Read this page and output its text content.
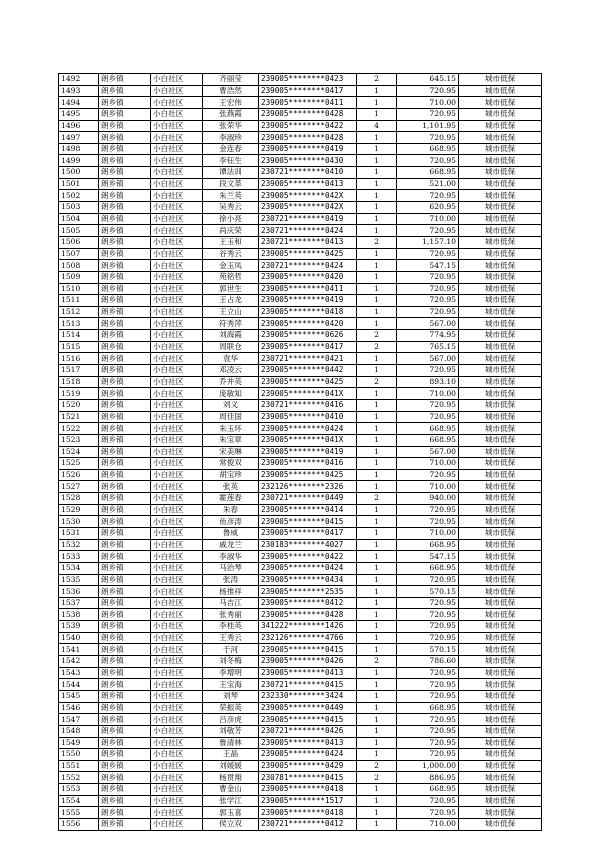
1492	朗乡镇	小白社区	齐丽莹	239005********0423	2	645.15	城市低保
1493	朗乡镇	小白社区	曹浩然	239005********0417	1	720.95	城市低保
1494	朗乡镇	小白社区	王宏伟	239005********0411	1	710.00	城市低保
1495	朗乡镇	小白社区	张燕霞	239005********0428	1	720.95	城市低保
1496	朗乡镇	小白社区	张荣华	239005********0422	4	1,101.95	城市低保
1497	朗乡镇	小白社区	李淑珍	239005********0428	1	720.95	城市低保
1498	朗乡镇	小白社区	金连春	239005********0419	1	668.95	城市低保
1499	朗乡镇	小白社区	李钰生	239005********0430	1	720.95	城市低保
1500	朗乡镇	小白社区	谭法训	230721********0410	1	668.95	城市低保
1501	朗乡镇	小白社区	段文革	239005********0413	1	521.00	城市低保
1502	朗乡镇	小白社区	朱兰英	239005********042X	1	720.95	城市低保
1503	朗乡镇	小白社区	吴秀云	239005********042X	1	620.95	城市低保
1504	朗乡镇	小白社区	徐小亮	230721********0419	1	710.00	城市低保
1505	朗乡镇	小白社区	尚庆荣	230721********0424	1	720.95	城市低保
1506	朗乡镇	小白社区	王玉和	230721********0413	2	1,157.10	城市低保
1507	朗乡镇	小白社区	谷秀云	239005********0425	1	720.95	城市低保
1508	朗乡镇	小白社区	金玉凤	230721********0424	1	547.15	城市低保
1509	朗乡镇	小白社区	苑铭哲	239005********0420	1	720.95	城市低保
1510	朗乡镇	小白社区	郭世生	239005********0411	1	720.95	城市低保
1511	朗乡镇	小白社区	王占龙	239005********0419	1	720.95	城市低保
1512	朗乡镇	小白社区	王立山	239005********0418	1	720.95	城市低保
1513	朗乡镇	小白社区	符秀萍	239005********0420	1	567.00	城市低保
1514	朗乡镇	小白社区	刘海霞	239005********0626	2	774.95	城市低保
1515	朗乡镇	小白社区	周联仓	239005********0417	2	765.15	城市低保
1516	朗乡镇	小白社区	袁华	230721********0421	1	567.00	城市低保
1517	朗乡镇	小白社区	邓凌云	239005********0442	1	720.95	城市低保
1518	朗乡镇	小白社区	乔井英	239005********0425	2	893.10	城市低保
1519	朗乡镇	小白社区	庞敏知	239005********041X	1	710.00	城市低保
1520	朗乡镇	小白社区	刘义	230721********0416	1	720.95	城市低保
1521	朗乡镇	小白社区	周佳国	239005********0410	1	720.95	城市低保
1522	朗乡镇	小白社区	朱玉环	239005********0424	1	668.95	城市低保
1523	朗乡镇	小白社区	朱宝章	239005********041X	1	668.95	城市低保
1524	朗乡镇	小白社区	宋美琳	239005********0419	1	567.00	城市低保
1525	朗乡镇	小白社区	常俊双	239005********0416	1	710.00	城市低保
1526	朗乡镇	小白社区	胡宝珍	239005********0425	1	720.95	城市低保
1527	朗乡镇	小白社区	张英	232126********2326	1	710.00	城市低保
1528	朗乡镇	小白社区	霍莲春	230721********0449	2	940.00	城市低保
1529	朗乡镇	小白社区	朱春	239005********0414	1	720.95	城市低保
1530	朗乡镇	小白社区	鱼彦涛	239005********0415	1	720.95	城市低保
1531	朗乡镇	小白社区	鲁威	239005********0417	1	710.00	城市低保
1532	朗乡镇	小白社区	戚龙兰	230183********4027	1	668.95	城市低保
1533	朗乡镇	小白社区	李淑华	239005********0422	1	547.15	城市低保
1534	朗乡镇	小白社区	马治琴	239005********0424	1	668.95	城市低保
1535	朗乡镇	小白社区	张涛	239005********0434	1	720.95	城市低保
1536	朗乡镇	小白社区	杨推祥	239005********2535	1	570.15	城市低保
1537	朗乡镇	小白社区	马吉江	239005********0412	1	720.95	城市低保
1538	朗乡镇	小白社区	张秀丽	239005********0428	1	720.95	城市低保
1539	朗乡镇	小白社区	李桂英	341222********1426	1	720.95	城市低保
1540	朗乡镇	小白社区	王秀云	232126********4766	1	720.95	城市低保
1541	朗乡镇	小白社区	于河	239005********0415	1	570.15	城市低保
1542	朗乡镇	小白社区	刘冬梅	239005********0426	2	786.60	城市低保
1543	朗乡镇	小白社区	李增明	239005********0413	1	720.95	城市低保
1544	朗乡镇	小白社区	王宝海	230721********0415	1	720.95	城市低保
1545	朗乡镇	小白社区	刘琴	232330********3424	1	720.95	城市低保
1546	朗乡镇	小白社区	荣振英	239005********0449	1	668.95	城市低保
1547	朗乡镇	小白社区	吕彦虎	239005********0415	1	720.95	城市低保
1548	朗乡镇	小白社区	刘敬芳	230721********0426	1	720.95	城市低保
1549	朗乡镇	小白社区	鲁清林	239005********0413	1	720.95	城市低保
1550	朗乡镇	小白社区	王晶	239005********0424	1	720.95	城市低保
1551	朗乡镇	小白社区	刘媛媛	239005********0429	2	1,000.00	城市低保
1552	朗乡镇	小白社区	杨贯翔	230781********0415	2	886.95	城市低保
1553	朗乡镇	小白社区	曹金山	239005********0418	1	668.95	城市低保
1554	朗乡镇	小白社区	张学江	239005********1517	1	720.95	城市低保
1555	朗乡镇	小白社区	郭玉喜	239005********0418	1	720.95	城市低保
1556	朗乡镇	小白社区	侯立双	230721********0412	1	710.00	城市低保
